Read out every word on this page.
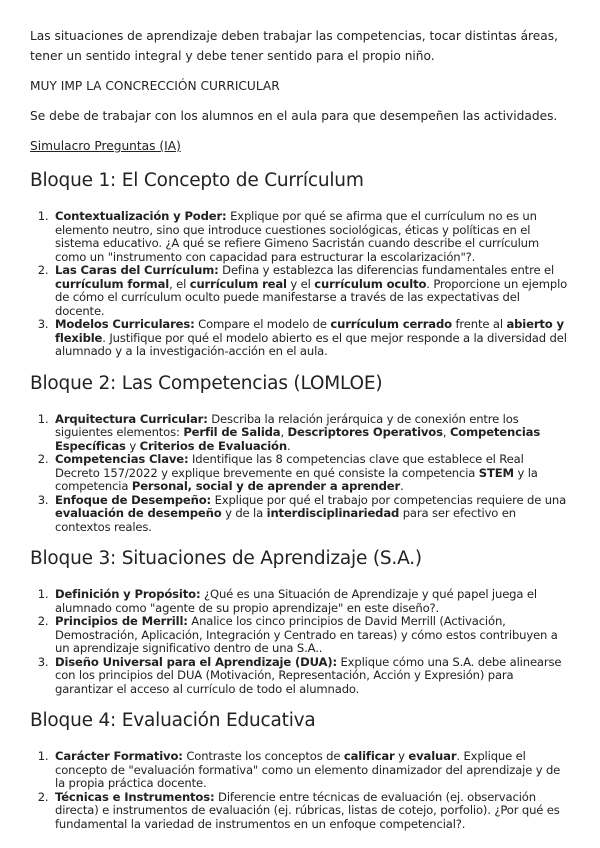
Las situaciones de aprendizaje deben trabajar las competencias, tocar distintas áreas, tener un sentido integral y debe tener sentido para el propio niño.

MUY IMP LA CONCRECCIÓN CURRICULAR

Se debe de trabajar con los alumnos en el aula para que desempeñen las actividades.

Simulacro Preguntas (IA)

Bloque 1: El Concepto de Currículum
1. Contextualización y Poder: Explique por qué se afirma que el currículum no es un elemento neutro, sino que introduce cuestiones sociológicas, éticas y políticas en el sistema educativo. ¿A qué se refiere Gimeno Sacristán cuando describe el currículum como un "instrumento con capacidad para estructurar la escolarización"?.
2. Las Caras del Currículum: Defina y establezca las diferencias fundamentales entre el currículum formal, el currículum real y el currículum oculto. Proporcione un ejemplo de cómo el currículum oculto puede manifestarse a través de las expectativas del docente.
3. Modelos Curriculares: Compare el modelo de currículum cerrado frente al abierto y flexible. Justifique por qué el modelo abierto es el que mejor responde a la diversidad del alumnado y a la investigación-acción en el aula.
Bloque 2: Las Competencias (LOMLOE)
1. Arquitectura Curricular: Describa la relación jerárquica y de conexión entre los siguientes elementos: Perfil de Salida, Descriptores Operativos, Competencias Específicas y Criterios de Evaluación.
2. Competencias Clave: Identifique las 8 competencias clave que establece el Real Decreto 157/2022 y explique brevemente en qué consiste la competencia STEM y la competencia Personal, social y de aprender a aprender.
3. Enfoque de Desempeño: Explique por qué el trabajo por competencias requiere de una evaluación de desempeño y de la interdisciplinariedad para ser efectivo en contextos reales.
Bloque 3: Situaciones de Aprendizaje (S.A.)
1. Definición y Propósito: ¿Qué es una Situación de Aprendizaje y qué papel juega el alumnado como "agente de su propio aprendizaje" en este diseño?.
2. Principios de Merrill: Analice los cinco principios de David Merrill (Activación, Demostración, Aplicación, Integración y Centrado en tareas) y cómo estos contribuyen a un aprendizaje significativo dentro de una S.A..
3. Diseño Universal para el Aprendizaje (DUA): Explique cómo una S.A. debe alinearse con los principios del DUA (Motivación, Representación, Acción y Expresión) para garantizar el acceso al currículo de todo el alumnado.
Bloque 4: Evaluación Educativa
1. Carácter Formativo: Contraste los conceptos de calificar y evaluar. Explique el concepto de "evaluación formativa" como un elemento dinamizador del aprendizaje y de la propia práctica docente.
2. Técnicas e Instrumentos: Diferencie entre técnicas de evaluación (ej. observación directa) e instrumentos de evaluación (ej. rúbricas, listas de cotejo, porfolio). ¿Por qué es fundamental la variedad de instrumentos en un enfoque competencial?.
